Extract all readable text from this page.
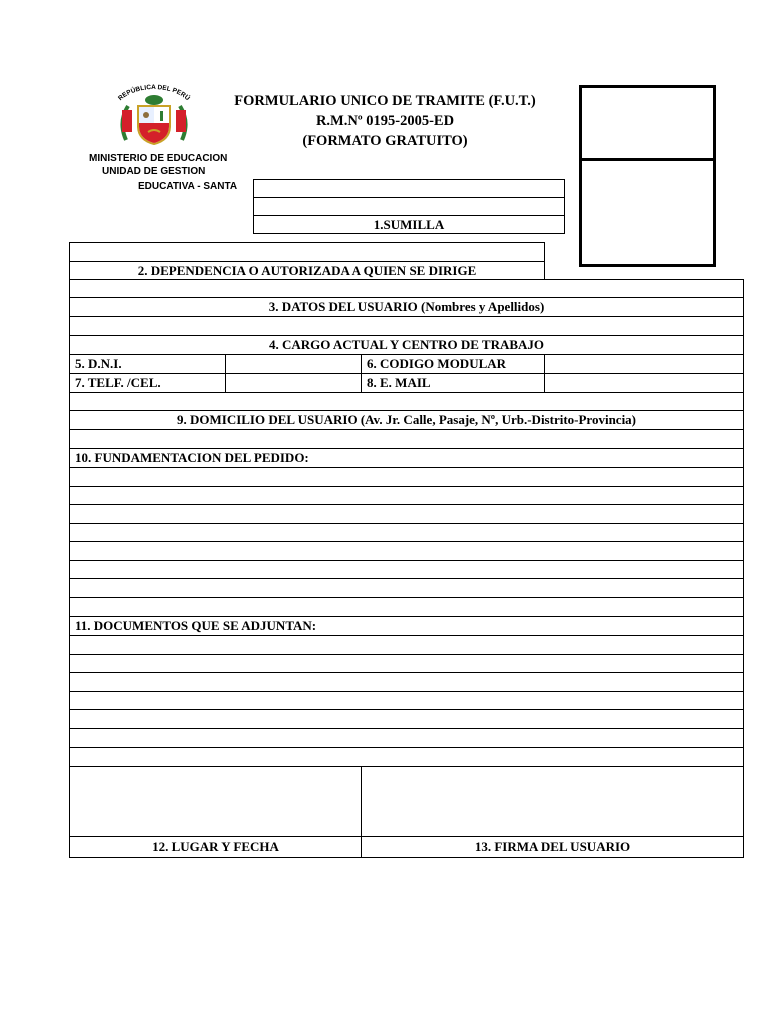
REPÚBLICA DEL PERÚ	FORMULARIO UNICO DE TRAMITE (F.U.T.)
R.M.Nº 0195-2005-ED
(FORMATO GRATUITO)
MINISTERIO DE EDUCACION
UNIDAD DE GESTION
EDUCATIVA - SANTA
1.SUMILLA
2. DEPENDENCIA O AUTORIZADA A QUIEN SE DIRIGE
3. DATOS DEL USUARIO (Nombres y Apellidos)
4. CARGO ACTUAL Y CENTRO DE TRABAJO
5. D.N.I.	6. CODIGO MODULAR
7. TELF. /CEL.	8. E. MAIL
9. DOMICILIO DEL USUARIO (Av. Jr. Calle, Pasaje, Nº, Urb.-Distrito-Provincia)
10. FUNDAMENTACION DEL PEDIDO:
11. DOCUMENTOS QUE SE ADJUNTAN:
12. LUGAR Y FECHA	13. FIRMA DEL USUARIO
